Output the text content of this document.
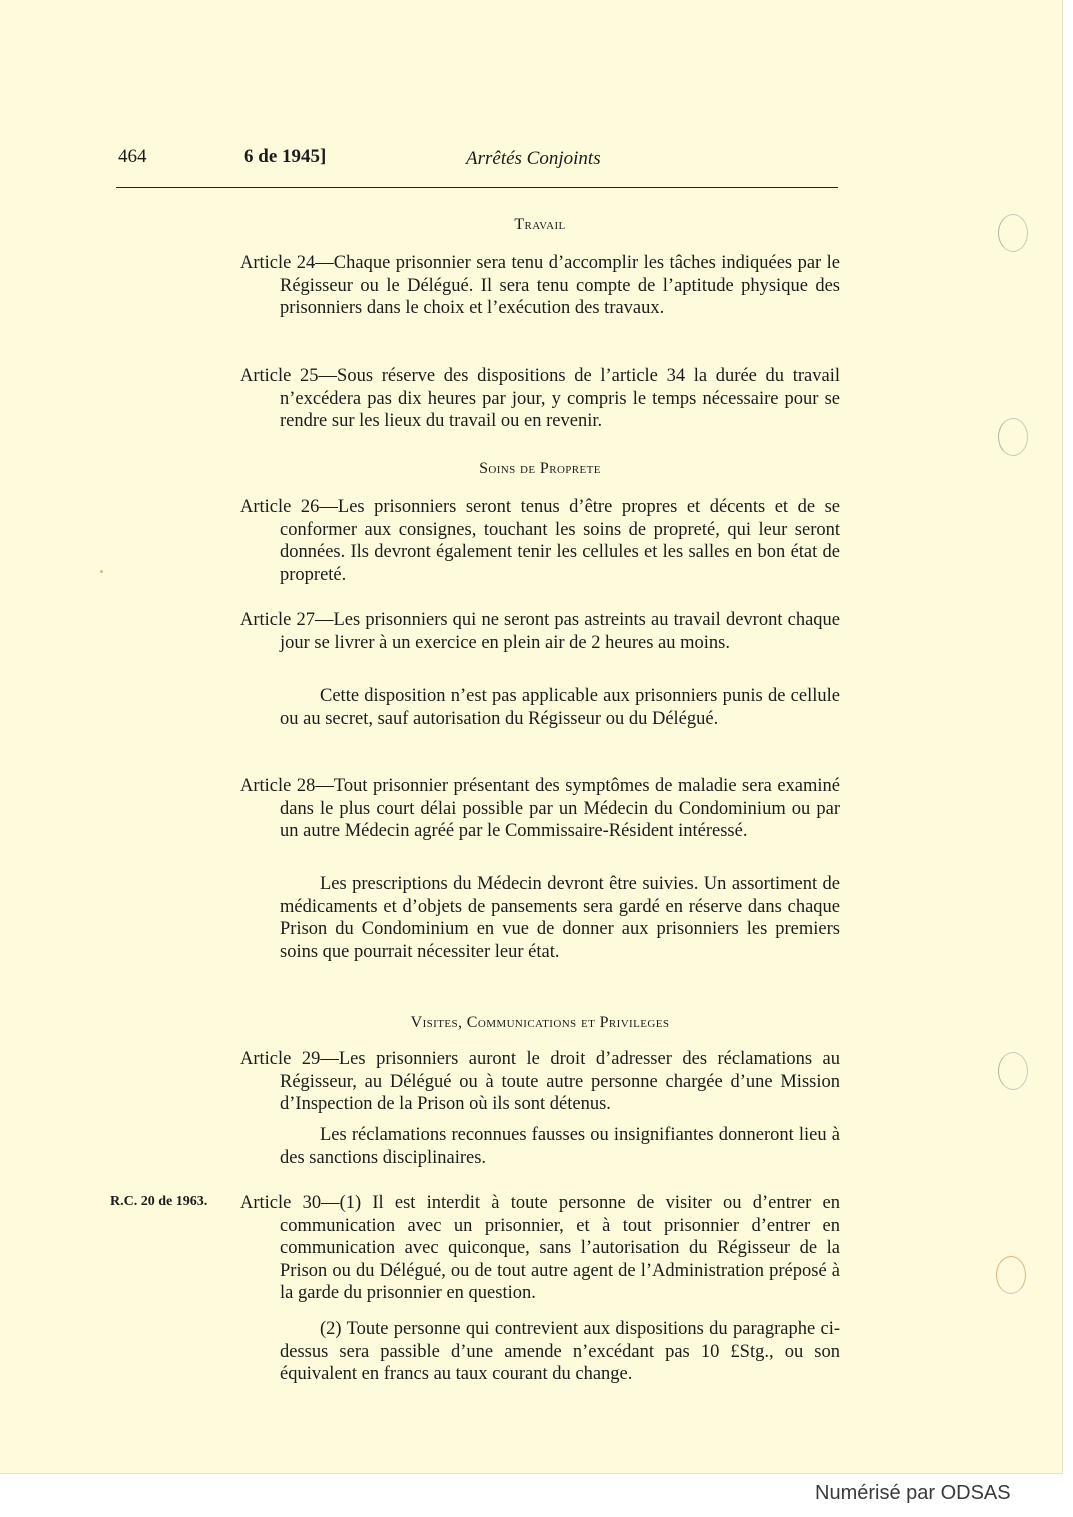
464	6 de 1945]	Arrêtés Conjoints
Travail
Article 24—Chaque prisonnier sera tenu d’accomplir les tâches indiquées par le Régisseur ou le Délégué. Il sera tenu compte de l’aptitude physique des prisonniers dans le choix et l’exécution des travaux.
Article 25—Sous réserve des dispositions de l’article 34 la durée du travail n’excédera pas dix heures par jour, y compris le temps nécessaire pour se rendre sur les lieux du travail ou en revenir.
Soins de Proprete
Article 26—Les prisonniers seront tenus d’être propres et décents et de se conformer aux consignes, touchant les soins de propreté, qui leur seront données. Ils devront également tenir les cellules et les salles en bon état de propreté.
Article 27—Les prisonniers qui ne seront pas astreints au travail devront chaque jour se livrer à un exercice en plein air de 2 heures au moins.
Cette disposition n’est pas applicable aux prisonniers punis de cellule ou au secret, sauf autorisation du Régisseur ou du Délégué.
Article 28—Tout prisonnier présentant des symptômes de maladie sera examiné dans le plus court délai possible par un Médecin du Condominium ou par un autre Médecin agréé par le Commissaire-Résident intéressé.
Les prescriptions du Médecin devront être suivies. Un assortiment de médicaments et d’objets de pansements sera gardé en réserve dans chaque Prison du Condominium en vue de donner aux prisonniers les premiers soins que pourrait nécessiter leur état.
Visites, Communications et Privileges
Article 29—Les prisonniers auront le droit d’adresser des réclamations au Régisseur, au Délégué ou à toute autre personne chargée d’une Mission d’Inspection de la Prison où ils sont détenus.
Les réclamations reconnues fausses ou insignifiantes donneront lieu à des sanctions disciplinaires.
R.C. 20 de 1963. Article 30—(1) Il est interdit à toute personne de visiter ou d’entrer en communication avec un prisonnier, et à tout prisonnier d’entrer en communication avec quiconque, sans l’autorisation du Régisseur de la Prison ou du Délégué, ou de tout autre agent de l’Administration préposé à la garde du prisonnier en question.
(2) Toute personne qui contrevient aux dispositions du paragraphe ci-dessus sera passible d’une amende n’excédant pas 10 £Stg., ou son équivalent en francs au taux courant du change.
Numérisé par ODSAS
